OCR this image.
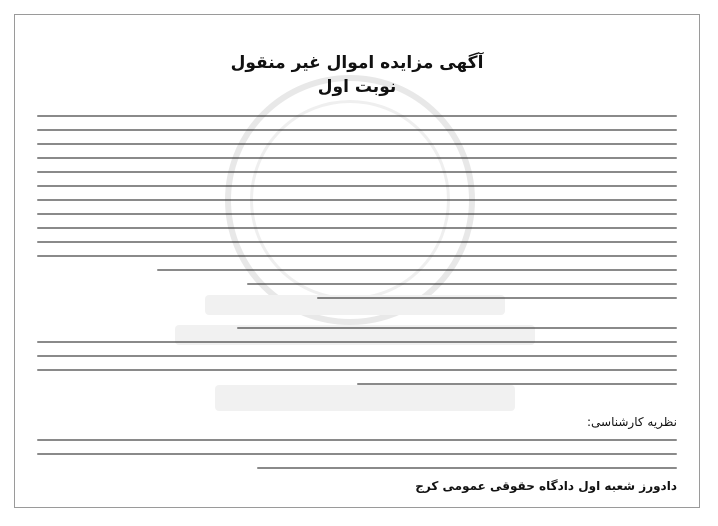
آگهی مزایده اموال غیر منقول
نوبت اول
نظریه کارشناسی:
دادورز شعبه اول دادگاه حقوقی عمومی کرج
